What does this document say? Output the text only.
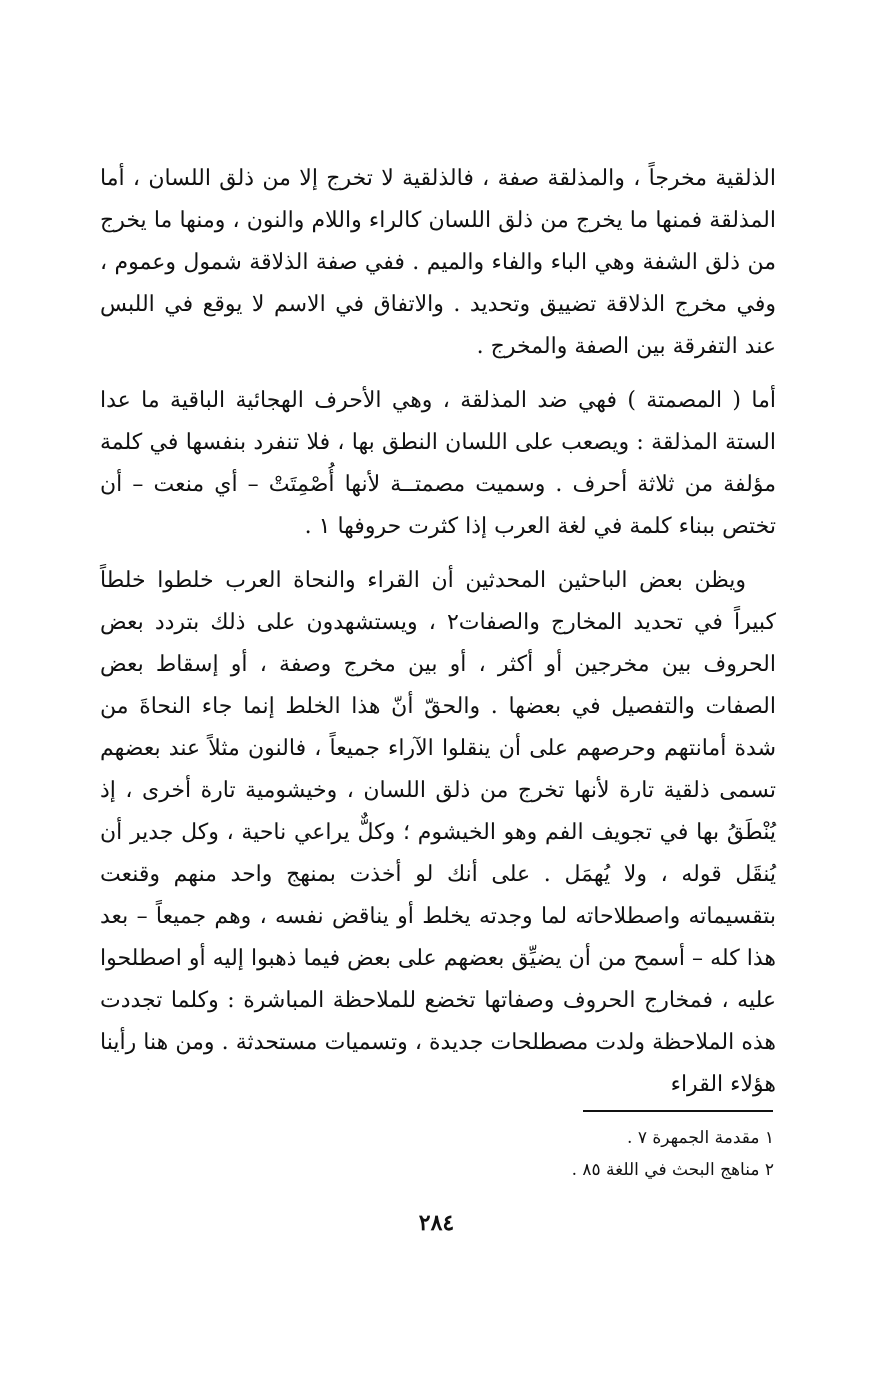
الذلقية مخرجاً ، والمذلقة صفة ، فالذلقية لا تخرج إلا من ذلق اللسان ، أما المذلقة فمنها ما يخرج من ذلق اللسان كالراء واللام والنون ، ومنها ما يخرج من ذلق الشفة وهي الباء والفاء والميم . ففي صفة الذلاقة شمول وعموم ، وفي مخرج الذلاقة تضييق وتحديد . والاتفاق في الاسم لا يوقع في اللبس عند التفرقة بين الصفة والمخرج .

أما ( المصمتة ) فهي ضد المذلقة ، وهي الأحرف الهجائية الباقية ما عدا الستة المذلقة : ويصعب على اللسان النطق بها ، فلا تنفرد بنفسها في كلمة مؤلفة من ثلاثة أحرف . وسميت مصمتــة لأنها أُصْمِتَتْ – أي منعت – أن تختص ببناء كلمة في لغة العرب إذا كثرت حروفها ١ .

ويظن بعض الباحثين المحدثين أن القراء والنحاة العرب خلطوا خلطاً كبيراً في تحديد المخارج والصفات٢ ، ويستشهدون على ذلك بتردد بعض الحروف بين مخرجين أو أكثر ، أو بين مخرج وصفة ، أو إسقاط بعض الصفات والتفصيل في بعضها . والحقّ أنّ هذا الخلط إنما جاء النحاةَ من شدة أمانتهم وحرصهم على أن ينقلوا الآراء جميعاً ، فالنون مثلاً عند بعضهم تسمى ذلقية تارة لأنها تخرج من ذلق اللسان ، وخيشومية تارة أخرى ، إذ يُنْطَقُ بها في تجويف الفم وهو الخيشوم ؛ وكلٌّ يراعي ناحية ، وكل جدير أن يُنقَل قوله ، ولا يُهمَل . على أنك لو أخذت بمنهج واحد منهم وقنعت بتقسيماته واصطلاحاته لما وجدته يخلط أو يناقض نفسه ، وهم جميعاً – بعد هذا كله – أسمح من أن يضيِّق بعضهم على بعض فيما ذهبوا إليه أو اصطلحوا عليه ، فمخارج الحروف وصفاتها تخضع للملاحظة المباشرة : وكلما تجددت هذه الملاحظة ولدت مصطلحات جديدة ، وتسميات مستحدثة . ومن هنا رأينا هؤلاء القراء

١ مقدمة الجمهرة ٧ .
٢ مناهج البحث في اللغة ٨٥ .
٢٨٤
